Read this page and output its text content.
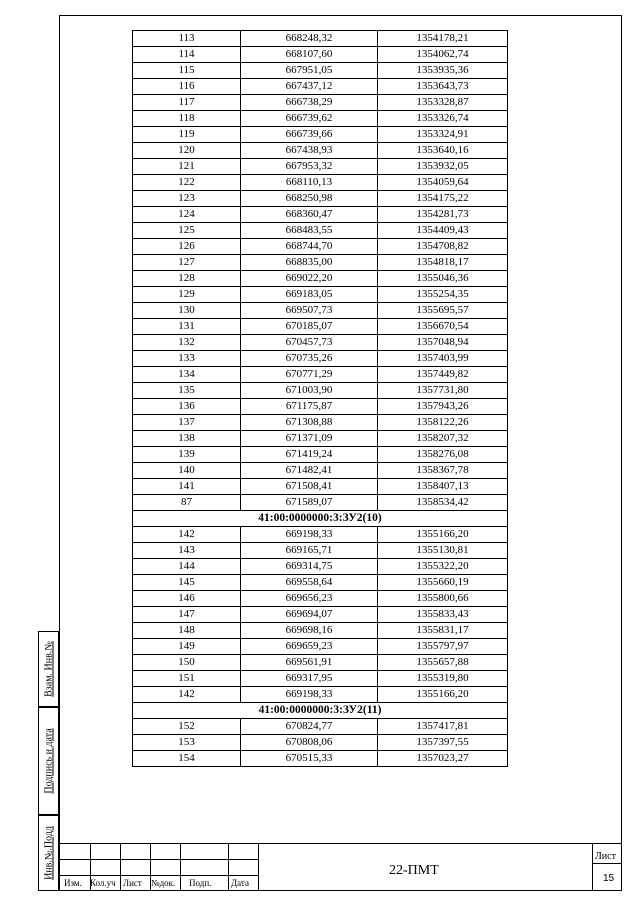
113	668248,32	1354178,21
114	668107,60	1354062,74
115	667951,05	1353935,36
116	667437,12	1353643,73
117	666738,29	1353328,87
118	666739,62	1353326,74
119	666739,66	1353324,91
120	667438,93	1353640,16
121	667953,32	1353932,05
122	668110,13	1354059,64
123	668250,98	1354175,22
124	668360,47	1354281,73
125	668483,55	1354409,43
126	668744,70	1354708,82
127	668835,00	1354818,17
128	669022,20	1355046,36
129	669183,05	1355254,35
130	669507,73	1355695,57
131	670185,07	1356670,54
132	670457,73	1357048,94
133	670735,26	1357403,99
134	670771,29	1357449,82
135	671003,90	1357731,80
136	671175,87	1357943,26
137	671308,88	1358122,26
138	671371,09	1358207,32
139	671419,24	1358276,08
140	671482,41	1358367,78
141	671508,41	1358407,13
87	671589,07	1358534,42
41:00:0000000:3:ЗУ2(10)		
142	669198,33	1355166,20
143	669165,71	1355130,81
144	669314,75	1355322,20
145	669558,64	1355660,19
146	669656,23	1355800,66
147	669694,07	1355833,43
148	669698,16	1355831,17
149	669659,23	1355797,97
150	669561,91	1355657,88
151	669317,95	1355319,80
142	669198,33	1355166,20
41:00:0000000:3:ЗУ2(11)		
152	670824,77	1357417,81
153	670808,06	1357397,55
154	670515,33	1357023,27
Взам. Инв.№
Подпись и дата
Инв.№.Подл
Изм. Кол.уч Лист №док. Подп. Дата
22-ПМТ
Лист
15
